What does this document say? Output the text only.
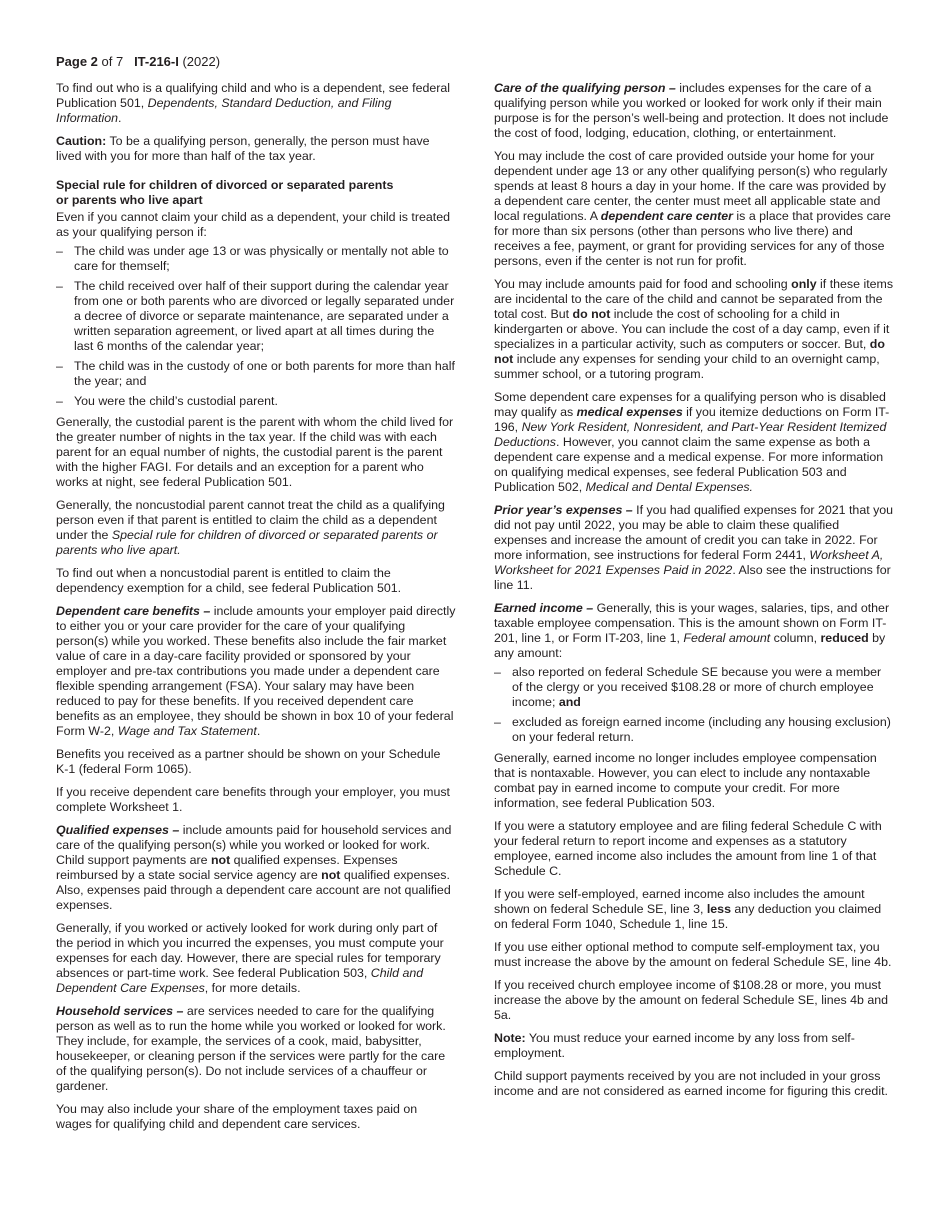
Page 2 of 7 IT-216-I (2022)

To find out who is a qualifying child and who is a dependent, see federal Publication 501, Dependents, Standard Deduction, and Filing Information.

Caution: To be a qualifying person, generally, the person must have lived with you for more than half of the tax year.

Special rule for children of divorced or separated parents
or parents who live apart

Even if you cannot claim your child as a dependent, your child is treated as your qualifying person if:

– The child was under age 13 or was physically or mentally not able to care for themself;
– The child received over half of their support during the calendar year from one or both parents who are divorced or legally separated under a decree of divorce or separate maintenance, are separated under a written separation agreement, or lived apart at all times during the last 6 months of the calendar year;
– The child was in the custody of one or both parents for more than half the year; and
– You were the child’s custodial parent.

Generally, the custodial parent is the parent with whom the child lived for the greater number of nights in the tax year. If the child was with each parent for an equal number of nights, the custodial parent is the parent with the higher FAGI. For details and an exception for a parent who works at night, see federal Publication 501.

Generally, the noncustodial parent cannot treat the child as a qualifying person even if that parent is entitled to claim the child as a dependent under the Special rule for children of divorced or separated parents or parents who live apart.

To find out when a noncustodial parent is entitled to claim the dependency exemption for a child, see federal Publication 501.

Dependent care benefits – include amounts your employer paid directly to either you or your care provider for the care of your qualifying person(s) while you worked. These benefits also include the fair market value of care in a day-care facility provided or sponsored by your employer and pre-tax contributions you made under a dependent care flexible spending arrangement (FSA). Your salary may have been reduced to pay for these benefits. If you received dependent care benefits as an employee, they should be shown in box 10 of your federal Form W-2, Wage and Tax Statement.

Benefits you received as a partner should be shown on your Schedule K-1 (federal Form 1065).

If you receive dependent care benefits through your employer, you must complete Worksheet 1.

Qualified expenses – include amounts paid for household services and care of the qualifying person(s) while you worked or looked for work. Child support payments are not qualified expenses. Expenses reimbursed by a state social service agency are not qualified expenses. Also, expenses paid through a dependent care account are not qualified expenses.

Generally, if you worked or actively looked for work during only part of the period in which you incurred the expenses, you must compute your expenses for each day. However, there are special rules for temporary absences or part-time work. See federal Publication 503, Child and Dependent Care Expenses, for more details.

Household services – are services needed to care for the qualifying person as well as to run the home while you worked or looked for work. They include, for example, the services of a cook, maid, babysitter, housekeeper, or cleaning person if the services were partly for the care of the qualifying person(s). Do not include services of a chauffeur or gardener.

You may also include your share of the employment taxes paid on wages for qualifying child and dependent care services.

Care of the qualifying person – includes expenses for the care of a qualifying person while you worked or looked for work only if their main purpose is for the person’s well-being and protection. It does not include the cost of food, lodging, education, clothing, or entertainment.

You may include the cost of care provided outside your home for your dependent under age 13 or any other qualifying person(s) who regularly spends at least 8 hours a day in your home. If the care was provided by a dependent care center, the center must meet all applicable state and local regulations. A dependent care center is a place that provides care for more than six persons (other than persons who live there) and receives a fee, payment, or grant for providing services for any of those persons, even if the center is not run for profit.

You may include amounts paid for food and schooling only if these items are incidental to the care of the child and cannot be separated from the total cost. But do not include the cost of schooling for a child in kindergarten or above. You can include the cost of a day camp, even if it specializes in a particular activity, such as computers or soccer. But, do not include any expenses for sending your child to an overnight camp, summer school, or a tutoring program.

Some dependent care expenses for a qualifying person who is disabled may qualify as medical expenses if you itemize deductions on Form IT-196, New York Resident, Nonresident, and Part-Year Resident Itemized Deductions. However, you cannot claim the same expense as both a dependent care expense and a medical expense. For more information on qualifying medical expenses, see federal Publication 503 and Publication 502, Medical and Dental Expenses.

Prior year’s expenses – If you had qualified expenses for 2021 that you did not pay until 2022, you may be able to claim these qualified expenses and increase the amount of credit you can take in 2022. For more information, see instructions for federal Form 2441, Worksheet A, Worksheet for 2021 Expenses Paid in 2022. Also see the instructions for line 11.

Earned income – Generally, this is your wages, salaries, tips, and other taxable employee compensation. This is the amount shown on Form IT-201, line 1, or Form IT-203, line 1, Federal amount column, reduced by any amount:

– also reported on federal Schedule SE because you were a member of the clergy or you received $108.28 or more of church employee income; and
– excluded as foreign earned income (including any housing exclusion) on your federal return.

Generally, earned income no longer includes employee compensation that is nontaxable. However, you can elect to include any nontaxable combat pay in earned income to compute your credit. For more information, see federal Publication 503.

If you were a statutory employee and are filing federal Schedule C with your federal return to report income and expenses as a statutory employee, earned income also includes the amount from line 1 of that Schedule C.

If you were self-employed, earned income also includes the amount shown on federal Schedule SE, line 3, less any deduction you claimed on federal Form 1040, Schedule 1, line 15.

If you use either optional method to compute self-employment tax, you must increase the above by the amount on federal Schedule SE, line 4b.

If you received church employee income of $108.28 or more, you must increase the above by the amount on federal Schedule SE, lines 4b and 5a.

Note: You must reduce your earned income by any loss from self-employment.

Child support payments received by you are not included in your gross income and are not considered as earned income for figuring this credit.
